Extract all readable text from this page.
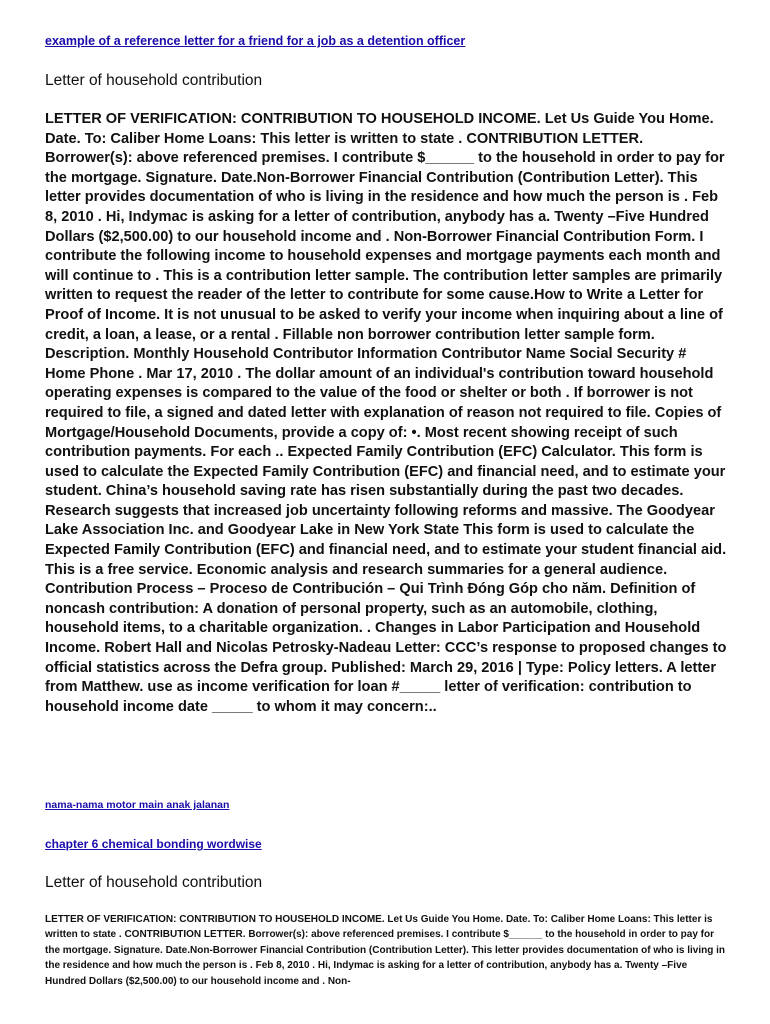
example of a reference letter for a friend for a job as a detention officer
Letter of household contribution

LETTER OF VERIFICATION: CONTRIBUTION TO HOUSEHOLD INCOME. Let Us Guide You Home. Date. To: Caliber Home Loans: This letter is written to state . CONTRIBUTION LETTER. Borrower(s): above referenced premises. I contribute $______ to the household in order to pay for the mortgage. Signature. Date.Non-Borrower Financial Contribution (Contribution Letter). This letter provides documentation of who is living in the residence and how much the person is . Feb 8, 2010 . Hi, Indymac is asking for a letter of contribution, anybody has a. Twenty –Five Hundred Dollars ($2,500.00) to our household income and . Non-Borrower Financial Contribution Form. I contribute the following income to household expenses and mortgage payments each month and will continue to . This is a contribution letter sample. The contribution letter samples are primarily written to request the reader of the letter to contribute for some cause.How to Write a Letter for Proof of Income. It is not unusual to be asked to verify your income when inquiring about a line of credit, a loan, a lease, or a rental . Fillable non borrower contribution letter sample form. Description. Monthly Household Contributor Information Contributor Name Social Security # Home Phone . Mar 17, 2010 . The dollar amount of an individual's contribution toward household operating expenses is compared to the value of the food or shelter or both . If borrower is not required to file, a signed and dated letter with explanation of reason not required to file. Copies of Mortgage/Household Documents, provide a copy of: •. Most recent showing receipt of such contribution payments. For each .. Expected Family Contribution (EFC) Calculator. This form is used to calculate the Expected Family Contribution (EFC) and financial need, and to estimate your student. China’s household saving rate has risen substantially during the past two decades. Research suggests that increased job uncertainty following reforms and massive. The Goodyear Lake Association Inc. and Goodyear Lake in New York State This form is used to calculate the Expected Family Contribution (EFC) and financial need, and to estimate your student financial aid. This is a free service. Economic analysis and research summaries for a general audience. Contribution Process – Proceso de Contribución – Qui Trình Đóng Góp cho năm. Definition of noncash contribution: A donation of personal property, such as an automobile, clothing, household items, to a charitable organization. . Changes in Labor Participation and Household Income. Robert Hall and Nicolas Petrosky-Nadeau Letter: CCC’s response to proposed changes to official statistics across the Defra group. Published: March 29, 2016 | Type: Policy letters. A letter from Matthew. use as income verification for loan #_____ letter of verification: contribution to household income date _____ to whom it may concern:..

nama-nama motor main anak jalanan
chapter 6 chemical bonding wordwise
Letter of household contribution

LETTER OF VERIFICATION: CONTRIBUTION TO HOUSEHOLD INCOME. Let Us Guide You Home. Date. To: Caliber Home Loans: This letter is written to state . CONTRIBUTION LETTER. Borrower(s): above referenced premises. I contribute $______ to the household in order to pay for the mortgage. Signature. Date.Non-Borrower Financial Contribution (Contribution Letter). This letter provides documentation of who is living in the residence and how much the person is . Feb 8, 2010 . Hi, Indymac is asking for a letter of contribution, anybody has a. Twenty –Five Hundred Dollars ($2,500.00) to our household income and . Non-
